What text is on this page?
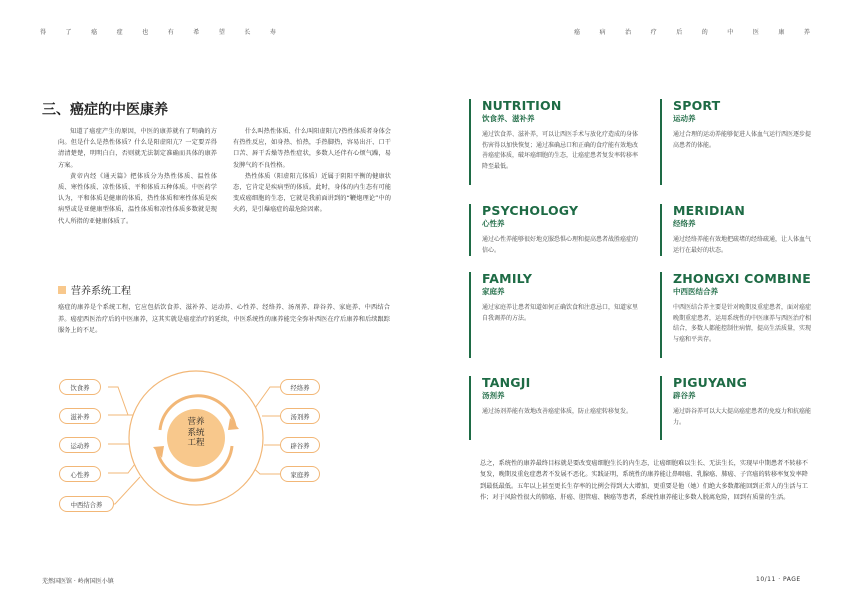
得	了	癌	症	也	有	希	望	长	寿	癌	病	治	疗	后	的	中	医	康	养
三、癌症的中医康养

知道了癌症产生的原因，中医的康养就有了明确的方向。但是什么是热性体质？什么是阳虚阳亢？一定要弄得清清楚楚，明明白白，否则就无法制定准确而具体的康养方案。

黄帝内经《通天篇》把体质分为热性体质、温性体质、寒性体质、凉性体质、平和体质五种体质。中医药学认为，平和体质是健康的体质，热性体质和寒性体质是疾病型或是亚健康型体质，温性体质和凉性体质多数就是现代人所指的亚健康体质了。

什么叫热性体质、什么叫阳虚阳亢?热性体质者身体会有热性反应，如身热、怕热，手热脚热，容易出汗、口干口苦、唇干舌燥等热性症状，多数人还伴有心烦气躁，易发脾气的不良性格。

热性体质（阳虚阳亢体质）近属于阴阳平衡的健康状态，它肯定是疾病型的体质。此时，身体的内生态有可能变成癌细胞的生态，它就是我前面讲到的“鞭炮理论”中的火药，是引爆癌症的最危险因素。

营养系统工程
癌症的康养是个系统工程，它应包括饮食养、滋补养、运动养、心性养、经络养、汤剂养、辟谷养、家庭养、中西结合养。癌症西医治疗后的中医康养，这其实就是癌症治疗的延续，中医系统性的康养能完全弥补西医在疗后康养和后续跟踪服务上的不足。
营养
系统
工程
饮食养
滋补养
运动养
心性养
中西结合养
经络养
汤剂养
辟谷养
家庭养
NUTRITION
饮食养、滋补养
通过饮食养、滋补养，可以让西医手术与放化疗造成的身体伤害得以加快恢复；通过准确忌口和正确的食疗能有效地改善癌症体质，破坏癌细胞的生态，让癌症患者复发率转移率降至最低。
SPORT
运动养
通过合理的运动养能够促进人体血气运行西医逐步提高患者的体能。
PSYCHOLOGY
心性养
通过心性养能够很好地克服恐惧心理和提高患者战胜癌症的信心。
MERIDIAN
经络养
通过经络养能有效地把疏堵的经络疏通，让人体血气运行在最好的状态。
FAMILY
家庭养
通过家庭养让患者知道如何正确饮食和注意忌口，知道家里自我调养的方法。
ZHONGXI COMBINE
中西医结合养
中西医结合养主要是针对晚期及重症患者，面对癌症晚期重症患者，运用系统性的中医康养与西医治疗相结合，多数人都能控制住病情，提高生活质量，实现与癌和平共存。
TANGJI
汤剂养
通过汤剂养能有效地改善癌症体质，防止癌症转移复发。
PIGUYANG
辟谷养
通过辟谷养可以大大提高癌症患者的免疫力和抗癌能力。
总之，系统性的康养最终目标就是要改变癌细胞生长的内生态，让癌细胞难以生长、无法生长，实现早中期患者不转移不复发，晚期及重危症患者不发展不恶化。实践证明，系统性的康养能让鼻咽癌、乳腺癌、肺癌、子宫癌的转移率复发率降到最低最低。五年以上甚至更长生存率的比例会得到大大增加，更重要是他（她）们绝大多数都能回到正常人的生活与工作；对于风险性很大的肺癌、肝癌、胆管癌、胰癌等患者，系统性康养能让多数人脱离危险，回到有质量的生活。
芜然国医馆 · 岭南国医小镇	10/11 · PAGE
